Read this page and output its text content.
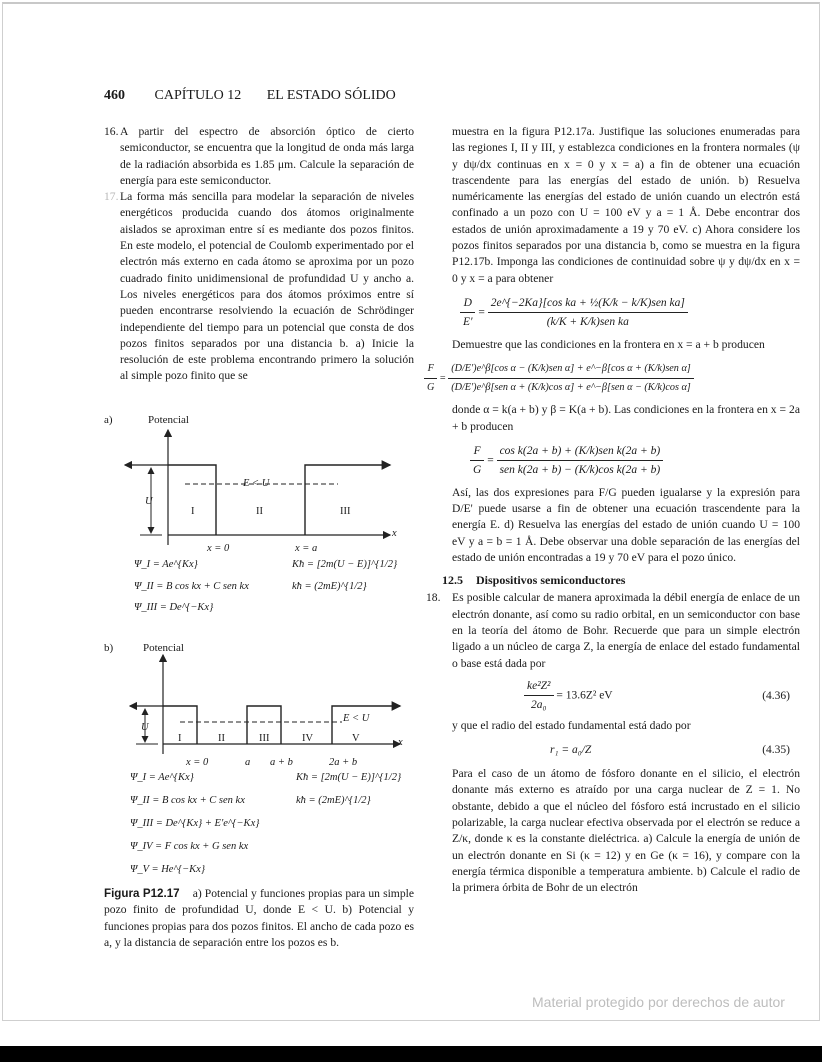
460 CAPÍTULO 12 EL ESTADO SÓLIDO
16. A partir del espectro de absorción óptico de cierto semiconductor, se encuentra que la longitud de onda más larga de la radiación absorbida es 1.85 μm. Calcule la separación de energía para este semiconductor.
17. La forma más sencilla para modelar la separación de niveles energéticos producida cuando dos átomos originalmente aislados se aproximan entre sí es mediante dos pozos finitos. En este modelo, el potencial de Coulomb experimentado por el electrón más externo en cada átomo se aproxima por un pozo cuadrado finito unidimensional de profundidad U y ancho a. Los niveles energéticos para dos átomos próximos entre sí pueden encontrarse resolviendo la ecuación de Schrödinger independiente del tiempo para un potencial que consta de dos pozos finitos separados por una distancia b. a) Inicie la resolución de este problema encontrando primero la solución al simple pozo finito que se
a)	Potencial
E < U
U
x
I	II	III
x = 0	x = a
Ψ_I = Ae^{Kx}
Ψ_II = B cos kx + C sen kx
Ψ_III = De^{−Kx}
Kħ = [2m(U − E)]^{1/2}
kħ = (2mE)^{1/2}
b)	Potencial
E < U
U
x
I	II	III	IV	V
x = 0	a a + b	2a + b
Ψ_I = Ae^{Kx}
Ψ_II = B cos kx + C sen kx
Ψ_III = De^{Kx} + E'e^{−Kx}
Ψ_IV = F cos kx + G sen kx
Ψ_V = He^{−Kx}
Kħ = [2m(U − E)]^{1/2}
kħ = (2mE)^{1/2}
Figura P12.17 a) Potencial y funciones propias para un simple pozo finito de profundidad U, donde E < U. b) Potencial y funciones propias para dos pozos finitos. El ancho de cada pozo es a, y la distancia de separación entre los pozos es b.
muestra en la figura P12.17a. Justifique las soluciones enumeradas para las regiones I, II y III, y establezca condiciones en la frontera normales (ψ y dψ/dx continuas en x = 0 y x = a) a fin de obtener una ecuación trascendente para las energías del estado de unión. b) Resuelva numéricamente las energías del estado de unión cuando un electrón está confinado a un pozo con U = 100 eV y a = 1 Å. Debe encontrar dos estados de unión aproximadamente a 19 y 70 eV. c) Ahora considere los pozos finitos separados por una distancia b, como se muestra en la figura P12.17b. Imponga las condiciones de continuidad sobre ψ y dψ/dx en x = 0 y x = a para obtener
$\frac{D}{E'} = \frac{\text{2e\textasciicircum{}\{−2Ka\}[cos ka + ½(K/k − k/K)sen ka]}}{\text{(k/K + K/k)sen ka}}$
Demuestre que las condiciones en la frontera en x = a + b producen
$\frac{F}{G} = \frac{\text{(D/E')e\textasciicircum{}β[cos α − (K/k)sen α] + e\textasciicircum{}−β[cos α + (K/k)sen α]}}{\text{(D/E')e\textasciicircum{}β[sen α + (K/k)cos α] + e\textasciicircum{}−β[sen α − (K/k)cos α]}}$
donde α = k(a + b) y β = K(a + b). Las condiciones en la frontera en x = 2a + b producen
$\frac{F}{G} = \frac{\text{cos k(2a + b) + (K/k)sen k(2a + b)}}{\text{sen k(2a + b) − (K/k)cos k(2a + b)}}$
Así, las dos expresiones para F/G pueden igualarse y la expresión para D/E' puede usarse a fin de obtener una ecuación trascendente para la energía E. d) Resuelva las energías del estado de unión cuando U = 100 eV y a = b = 1 Å. Debe observar una doble separación de las energías del estado de unión encontradas a 19 y 70 eV para el pozo único.
12.5 Dispositivos semiconductores
18. Es posible calcular de manera aproximada la débil energía de enlace de un electrón donante, así como su radio orbital, en un semiconductor con base en la teoría del átomo de Bohr. Recuerde que para un simple electrón ligado a un núcleo de carga Z, la energía de enlace del estado fundamental o base está dada por
$\frac{\text{ke²Z²}}{\text{2a₀}} = 13.6Z^2$ eV	(4.36)
y que el radio del estado fundamental está dado por
r₁ = a₀/Z	(4.35)
Para el caso de un átomo de fósforo donante en el silicio, el electrón donante más externo es atraído por una carga nuclear de Z = 1. No obstante, debido a que el núcleo del fósforo está incrustado en el silicio polarizable, la carga nuclear efectiva observada por el electrón se reduce a Z/κ, donde κ es la constante dieléctrica. a) Calcule la energía de unión de un electrón donante en Si (κ = 12) y en Ge (κ = 16), y compare con la energía térmica disponible a temperatura ambiente. b) Calcule el radio de la primera órbita de Bohr de un electrón
Material protegido por derechos de autor
